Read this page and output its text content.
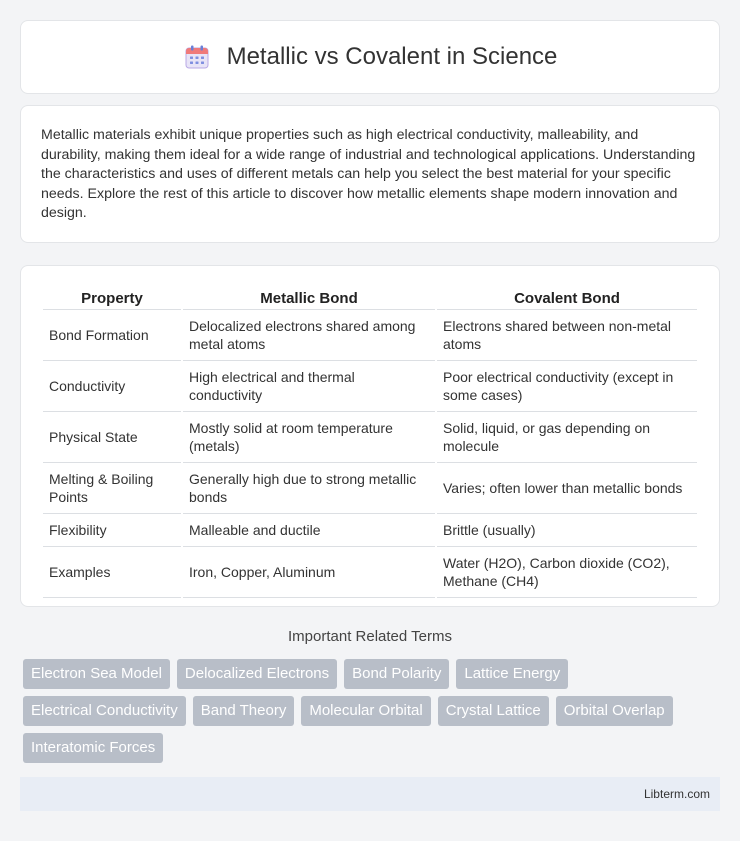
Metallic vs Covalent in Science

Metallic materials exhibit unique properties such as high electrical conductivity, malleability, and durability, making them ideal for a wide range of industrial and technological applications. Understanding the characteristics and uses of different metals can help you select the best material for your specific needs. Explore the rest of this article to discover how metallic elements shape modern innovation and design.

Property	Metallic Bond	Covalent Bond
Bond Formation	Delocalized electrons shared among metal atoms	Electrons shared between non-metal atoms
Conductivity	High electrical and thermal conductivity	Poor electrical conductivity (except in some cases)
Physical State	Mostly solid at room temperature (metals)	Solid, liquid, or gas depending on molecule
Melting & Boiling Points	Generally high due to strong metallic bonds	Varies; often lower than metallic bonds
Flexibility	Malleable and ductile	Brittle (usually)
Examples	Iron, Copper, Aluminum	Water (H2O), Carbon dioxide (CO2), Methane (CH4)
Important Related Terms
Electron Sea Model	Delocalized Electrons	Bond Polarity	Lattice Energy
Electrical Conductivity	Band Theory	Molecular Orbital	Crystal Lattice	Orbital Overlap
Interatomic Forces
Libterm.com
